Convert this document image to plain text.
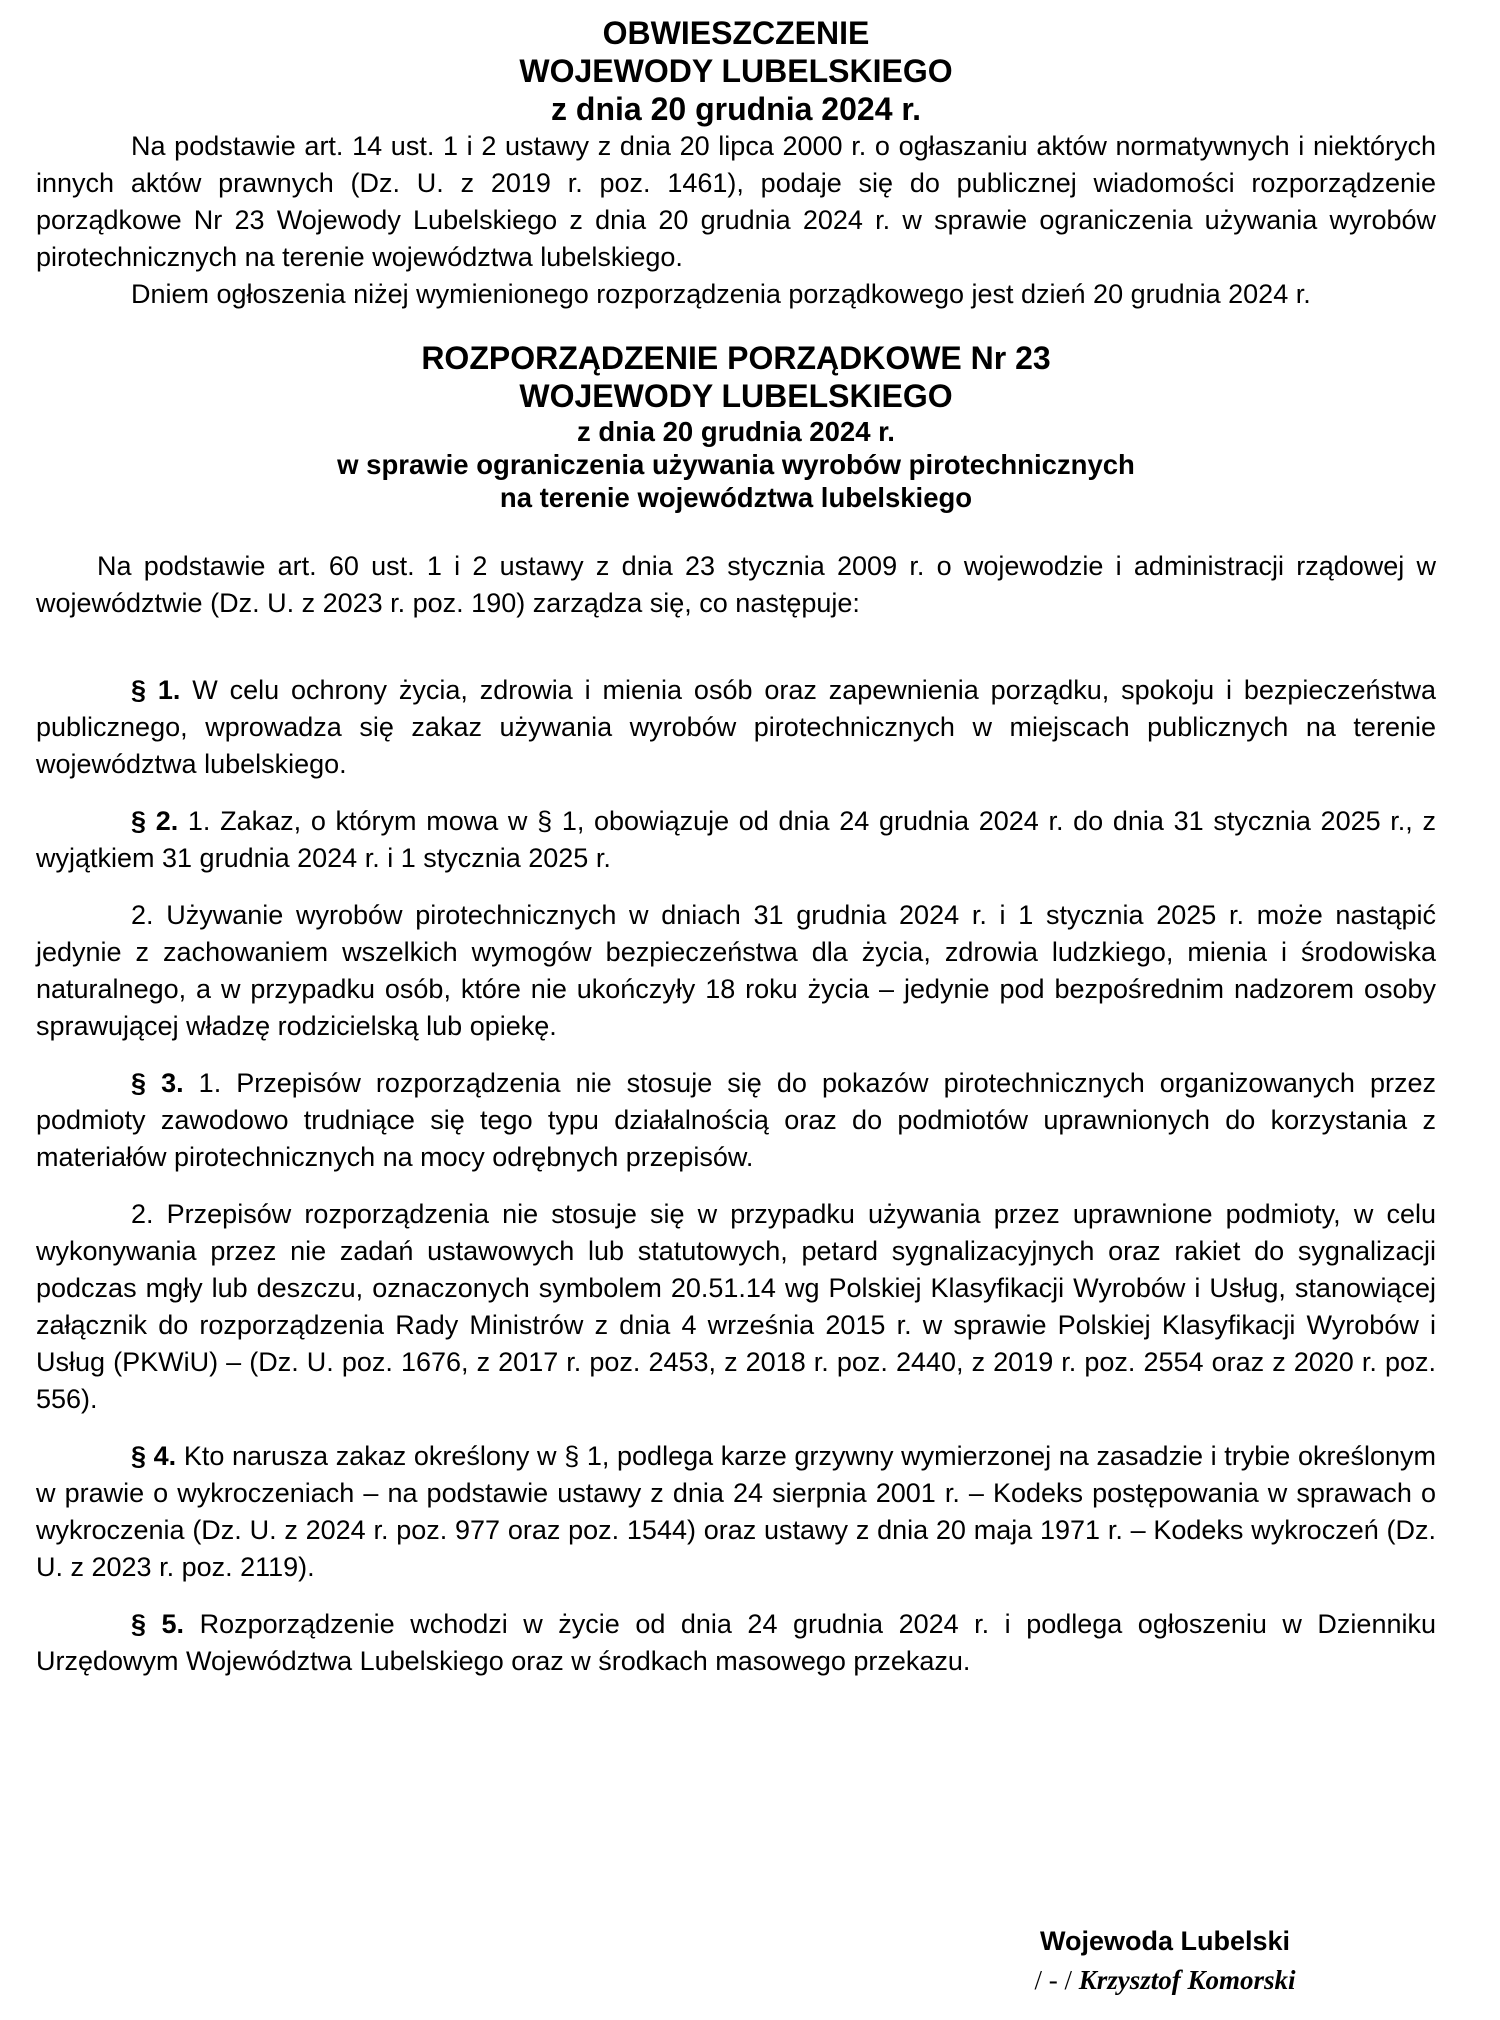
OBWIESZCZENIE
WOJEWODY LUBELSKIEGO
z dnia 20 grudnia 2024 r.

Na podstawie art. 14 ust. 1 i 2 ustawy z dnia 20 lipca 2000 r. o ogłaszaniu aktów normatywnych i niektórych innych aktów prawnych (Dz. U. z 2019 r. poz. 1461), podaje się do publicznej wiadomości rozporządzenie porządkowe Nr 23 Wojewody Lubelskiego z dnia 20 grudnia 2024 r. w sprawie ograniczenia używania wyrobów pirotechnicznych na terenie województwa lubelskiego.

Dniem ogłoszenia niżej wymienionego rozporządzenia porządkowego jest dzień 20 grudnia 2024 r.

ROZPORZĄDZENIE PORZĄDKOWE Nr 23
WOJEWODY LUBELSKIEGO
z dnia 20 grudnia 2024 r.
w sprawie ograniczenia używania wyrobów pirotechnicznych
na terenie województwa lubelskiego

Na podstawie art. 60 ust. 1 i 2 ustawy z dnia 23 stycznia 2009 r. o wojewodzie i administracji rządowej w województwie (Dz. U. z 2023 r. poz. 190) zarządza się, co następuje:

§ 1. W celu ochrony życia, zdrowia i mienia osób oraz zapewnienia porządku, spokoju i bezpieczeństwa publicznego, wprowadza się zakaz używania wyrobów pirotechnicznych w miejscach publicznych na terenie województwa lubelskiego.

§ 2. 1. Zakaz, o którym mowa w § 1, obowiązuje od dnia 24 grudnia 2024 r. do dnia 31 stycznia 2025 r., z wyjątkiem 31 grudnia 2024 r. i 1 stycznia 2025 r.

2. Używanie wyrobów pirotechnicznych w dniach 31 grudnia 2024 r. i 1 stycznia 2025 r. może nastąpić jedynie z zachowaniem wszelkich wymogów bezpieczeństwa dla życia, zdrowia ludzkiego, mienia i środowiska naturalnego, a w przypadku osób, które nie ukończyły 18 roku życia – jedynie pod bezpośrednim nadzorem osoby sprawującej władzę rodzicielską lub opiekę.

§ 3. 1. Przepisów rozporządzenia nie stosuje się do pokazów pirotechnicznych organizowanych przez podmioty zawodowo trudniące się tego typu działalnością oraz do podmiotów uprawnionych do korzystania z materiałów pirotechnicznych na mocy odrębnych przepisów.

2. Przepisów rozporządzenia nie stosuje się w przypadku używania przez uprawnione podmioty, w celu wykonywania przez nie zadań ustawowych lub statutowych, petard sygnalizacyjnych oraz rakiet do sygnalizacji podczas mgły lub deszczu, oznaczonych symbolem 20.51.14 wg Polskiej Klasyfikacji Wyrobów i Usług, stanowiącej załącznik do rozporządzenia Rady Ministrów z dnia 4 września 2015 r. w sprawie Polskiej Klasyfikacji Wyrobów i Usług (PKWiU) – (Dz. U. poz. 1676, z 2017 r. poz. 2453, z 2018 r. poz. 2440, z 2019 r. poz. 2554 oraz z 2020 r. poz. 556).

§ 4. Kto narusza zakaz określony w § 1, podlega karze grzywny wymierzonej na zasadzie i trybie określonym w prawie o wykroczeniach – na podstawie ustawy z dnia 24 sierpnia 2001 r. – Kodeks postępowania w sprawach o wykroczenia (Dz. U. z 2024 r. poz. 977 oraz poz. 1544) oraz ustawy z dnia 20 maja 1971 r. – Kodeks wykroczeń (Dz. U. z 2023 r. poz. 2119).

§ 5. Rozporządzenie wchodzi w życie od dnia 24 grudnia 2024 r. i podlega ogłoszeniu w Dzienniku Urzędowym Województwa Lubelskiego oraz w środkach masowego przekazu.

Wojewoda Lubelski
/ - / Krzysztof Komorski
